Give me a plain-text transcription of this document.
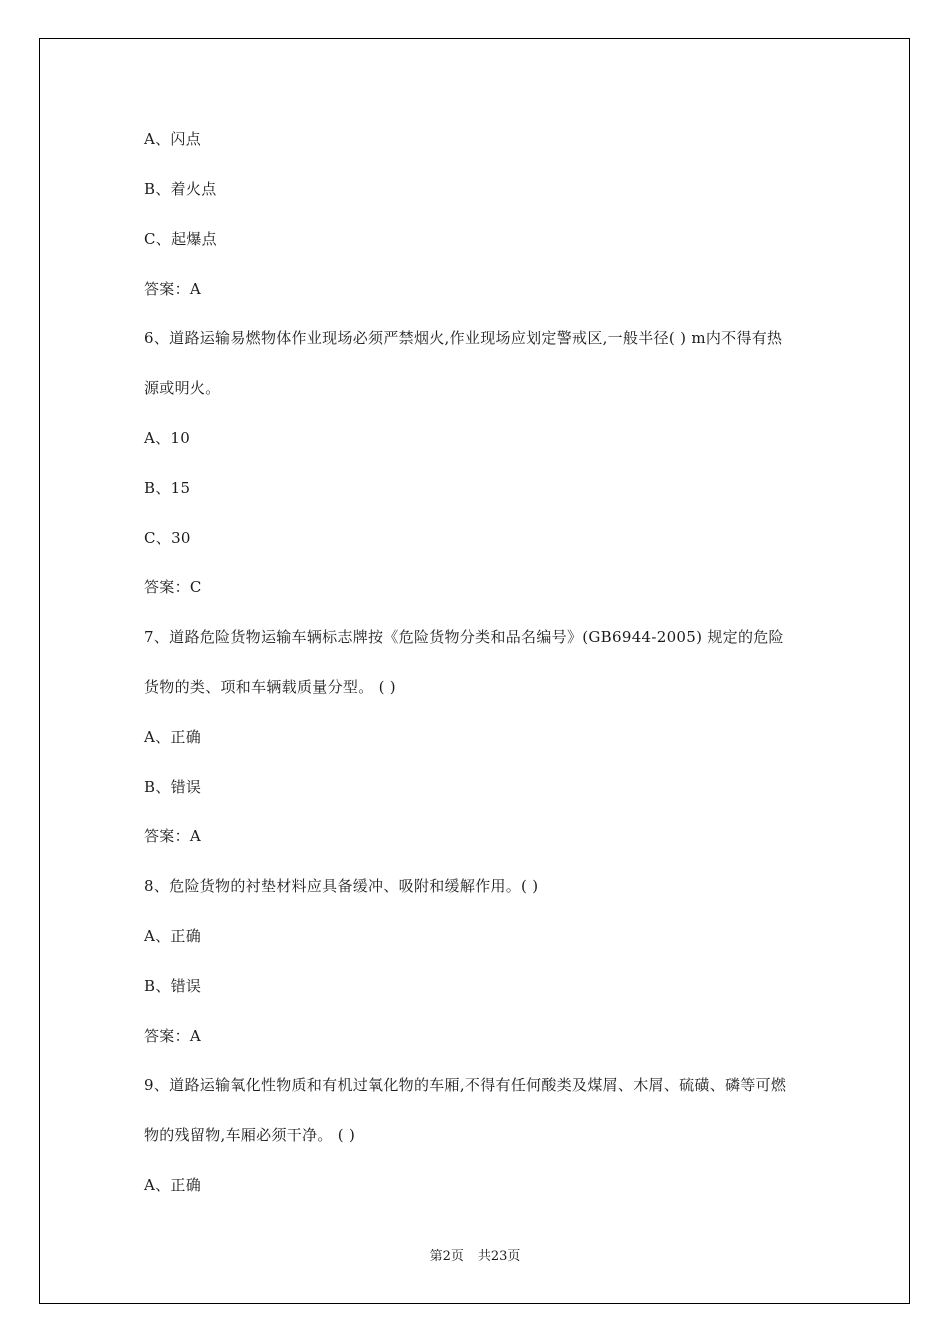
A、闪点
B、着火点
C、起爆点
答案：A
6、道路运输易燃物体作业现场必须严禁烟火,作业现场应划定警戒区,一般半径( ) m内不得有热
源或明火。
A、10
B、15
C、30
答案：C
7、道路危险货物运输车辆标志牌按《危险货物分类和品名编号》(GB6944-2005) 规定的危险
货物的类、项和车辆载质量分型。 ( )
A、正确
B、错误
答案：A
8、危险货物的衬垫材料应具备缓冲、吸附和缓解作用。( )
A、正确
B、错误
答案：A
9、道路运输氧化性物质和有机过氧化物的车厢,不得有任何酸类及煤屑、木屑、硫磺、磷等可燃
物的残留物,车厢必须干净。 ( )
A、正确
第2页 共23页
